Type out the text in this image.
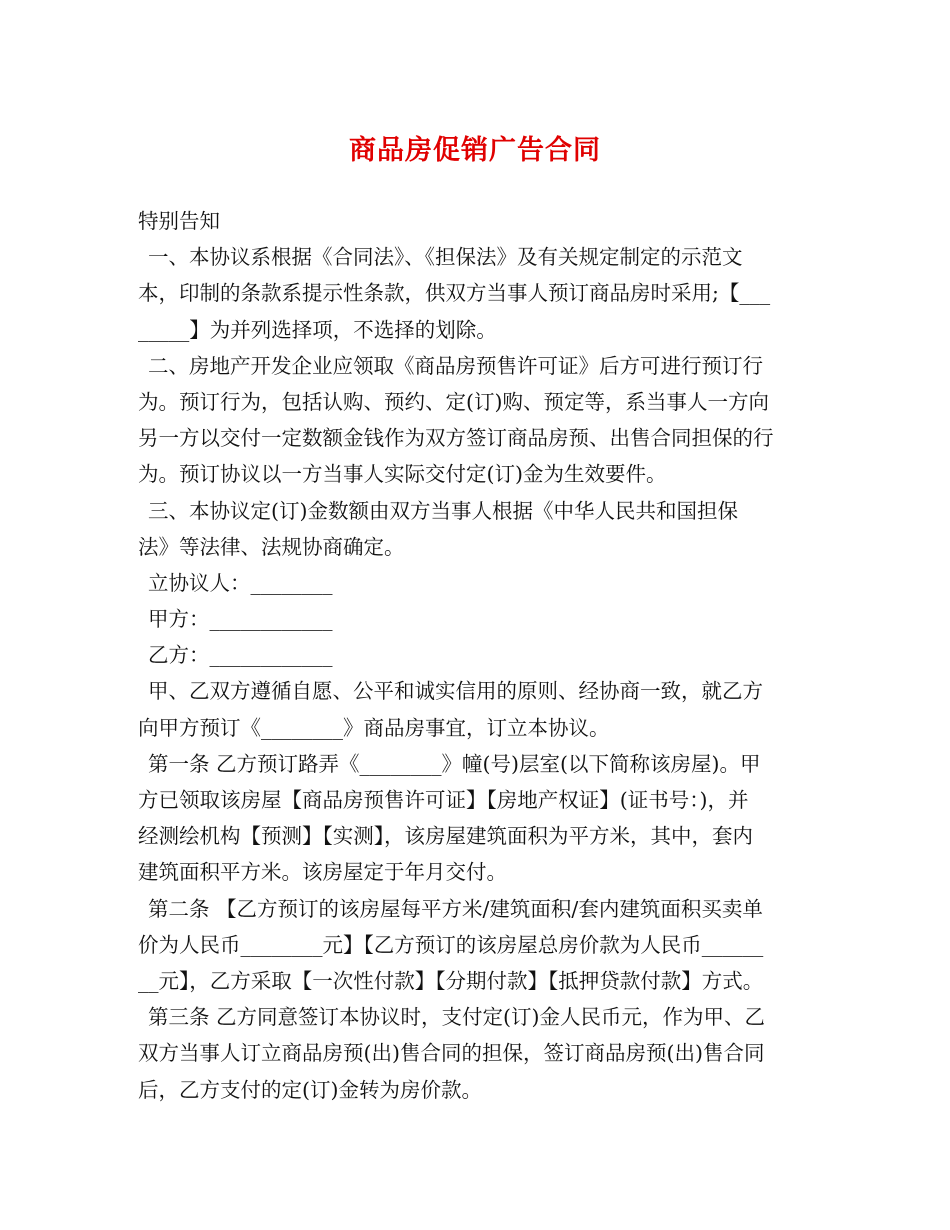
商品房促销广告合同
特别告知
一、本协议系根据《合同法》、《担保法》及有关规定制定的示范文
本，印制的条款系提示性条款，供双方当事人预订商品房时采用;【___
_____】为并列选择项，不选择的划除。
二、房地产开发企业应领取《商品房预售许可证》后方可进行预订行
为。预订行为，包括认购、预约、定(订)购、预定等，系当事人一方向
另一方以交付一定数额金钱作为双方签订商品房预、出售合同担保的行
为。预订协议以一方当事人实际交付定(订)金为生效要件。
三、本协议定(订)金数额由双方当事人根据《中华人民共和国担保
法》等法律、法规协商确定。
立协议人：________
甲方：____________
乙方：____________
甲、乙双方遵循自愿、公平和诚实信用的原则、经协商一致，就乙方
向甲方预订《________》商品房事宜，订立本协议。
第一条 乙方预订路弄《________》幢(号)层室(以下简称该房屋)。甲
方已领取该房屋【商品房预售许可证】【房地产权证】(证书号：)，并
经测绘机构【预测】【实测】，该房屋建筑面积为平方米，其中，套内
建筑面积平方米。该房屋定于年月交付。
第二条 【乙方预订的该房屋每平方米/建筑面积/套内建筑面积买卖单
价为人民币________元】【乙方预订的该房屋总房价款为人民币______
__元】，乙方采取【一次性付款】【分期付款】【抵押贷款付款】方式。
第三条 乙方同意签订本协议时，支付定(订)金人民币元，作为甲、乙
双方当事人订立商品房预(出)售合同的担保，签订商品房预(出)售合同
后，乙方支付的定(订)金转为房价款。
